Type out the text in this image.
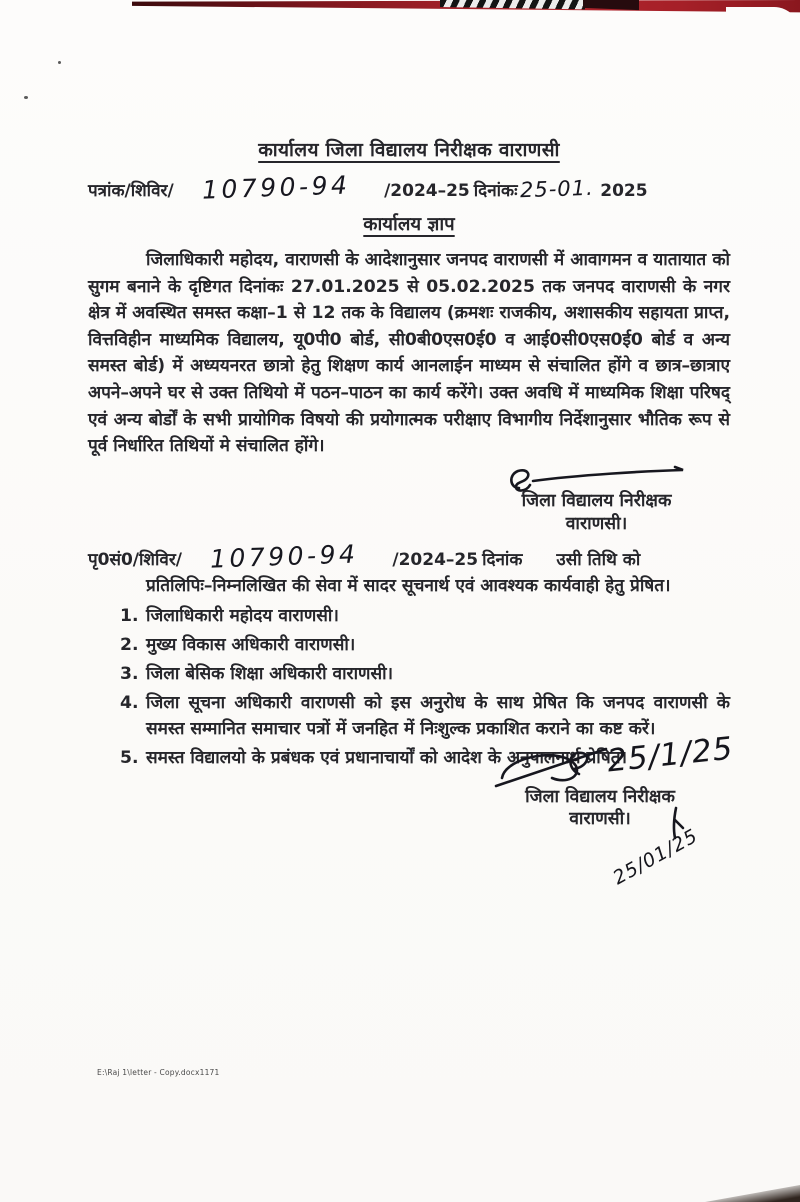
कार्यालय जिला विद्यालय निरीक्षक वाराणसी
पत्रांक/शिविर/ 10790-94 /2024–25 दिनांकः 25-01. 2025
कार्यालय ज्ञाप

जिलाधिकारी महोदय, वाराणसी के आदेशानुसार जनपद वाराणसी में आवागमन व यातायात को सुगम बनाने के दृष्टिगत दिनांकः 27.01.2025 से 05.02.2025 तक जनपद वाराणसी के नगर क्षेत्र में अवस्थित समस्त कक्षा–1 से 12 तक के विद्यालय (क्रमशः राजकीय, अशासकीय सहायता प्राप्त, वित्तविहीन माध्यमिक विद्यालय, यू0पी0 बोर्ड, सी0बी0एस0ई0 व आई0सी0एस0ई0 बोर्ड व अन्य समस्त बोर्ड) में अध्ययनरत छात्रो हेतु शिक्षण कार्य आनलाईन माध्यम से संचालित होंगे व छात्र–छात्राए अपने–अपने घर से उक्त तिथियो में पठन–पाठन का कार्य करेंगे। उक्त अवधि में माध्यमिक शिक्षा परिषद् एवं अन्य बोर्डों के सभी प्रायोगिक विषयो की प्रयोगात्मक परीक्षाए विभागीय निर्देशानुसार भौतिक रूप से पूर्व निर्धारित तिथियों मे संचालित होंगे।

जिला विद्यालय निरीक्षक
वाराणसी।
पृ0सं0/शिविर/ 10790-94 /2024–25 दिनांक उसी तिथि को

प्रतिलिपिः–निम्नलिखित की सेवा में सादर सूचनार्थ एवं आवश्यक कार्यवाही हेतु प्रेषित।

1. जिलाधिकारी महोदय वाराणसी।
2. मुख्य विकास अधिकारी वाराणसी।
3. जिला बेसिक शिक्षा अधिकारी वाराणसी।
4. जिला सूचना अधिकारी वाराणसी को इस अनुरोध के साथ प्रेषित कि जनपद वाराणसी के समस्त सम्मानित समाचार पत्रों में जनहित में निःशुल्क प्रकाशित कराने का कष्ट करें।
5. समस्त विद्यालयो के प्रबंधक एवं प्रधानाचार्यों को आदेश के अनुपालनार्थ प्रेषित।
25/1/25
जिला विद्यालय निरीक्षक
वाराणसी।
25/01/25
E:\Raj 1\letter - Copy.docx1171
